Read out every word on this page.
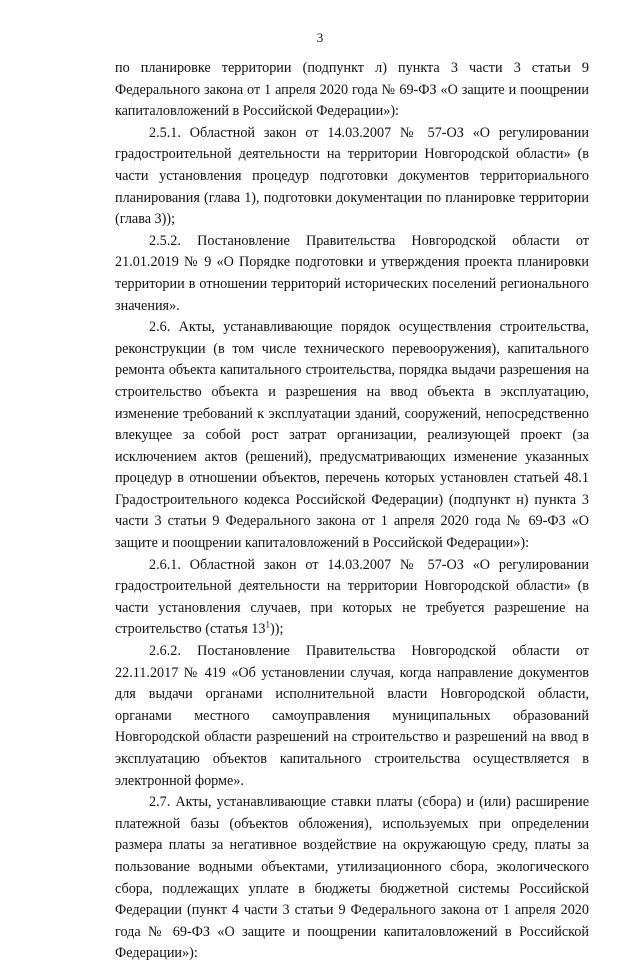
3

по планировке территории (подпункт л) пункта 3 части 3 статьи 9 Федерального закона от 1 апреля 2020 года № 69-ФЗ «О защите и поощрении капиталовложений в Российской Федерации»):

2.5.1. Областной закон от 14.03.2007 № 57-ОЗ «О регулировании градостроительной деятельности на территории Новгородской области» (в части установления процедур подготовки документов территориального планирования (глава 1), подготовки документации по планировке территории (глава 3));

2.5.2. Постановление Правительства Новгородской области от 21.01.2019 № 9 «О Порядке подготовки и утверждения проекта планировки территории в отношении территорий исторических поселений регионального значения».

2.6. Акты, устанавливающие порядок осуществления строительства, реконструкции (в том числе технического перевооружения), капитального ремонта объекта капитального строительства, порядка выдачи разрешения на строительство объекта и разрешения на ввод объекта в эксплуатацию, изменение требований к эксплуатации зданий, сооружений, непосредственно влекущее за собой рост затрат организации, реализующей проект (за исключением актов (решений), предусматривающих изменение указанных процедур в отношении объектов, перечень которых установлен статьей 48.1 Градостроительного кодекса Российской Федерации) (подпункт н) пункта 3 части 3 статьи 9 Федерального закона от 1 апреля 2020 года № 69-ФЗ «О защите и поощрении капиталовложений в Российской Федерации»):

2.6.1. Областной закон от 14.03.2007 № 57-ОЗ «О регулировании градостроительной деятельности на территории Новгородской области» (в части установления случаев, при которых не требуется разрешение на строительство (статья $13^1$));

2.6.2. Постановление Правительства Новгородской области от 22.11.2017 № 419 «Об установлении случая, когда направление документов для выдачи органами исполнительной власти Новгородской области, органами местного самоуправления муниципальных образований Новгородской области разрешений на строительство и разрешений на ввод в эксплуатацию объектов капитального строительства осуществляется в электронной форме».

2.7. Акты, устанавливающие ставки платы (сбора) и (или) расширение платежной базы (объектов обложения), используемых при определении размера платы за негативное воздействие на окружающую среду, платы за пользование водными объектами, утилизационного сбора, экологического сбора, подлежащих уплате в бюджеты бюджетной системы Российской Федерации (пункт 4 части 3 статьи 9 Федерального закона от 1 апреля 2020 года № 69-ФЗ «О защите и поощрении капиталовложений в Российской Федерации»):
